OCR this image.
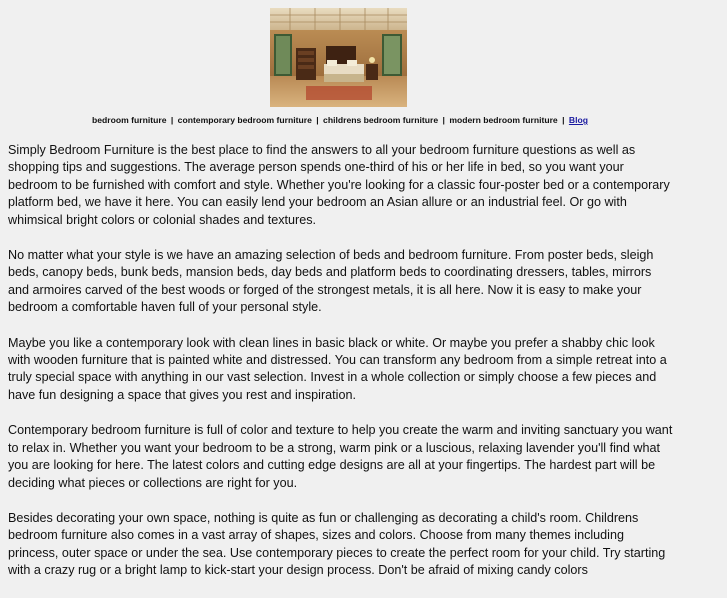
bedroom furniture | contemporary bedroom furniture | childrens bedroom furniture | modern bedroom furniture | Blog

Simply Bedroom Furniture is the best place to find the answers to all your bedroom furniture questions as well as shopping tips and suggestions. The average person spends one-third of his or her life in bed, so you want your bedroom to be furnished with comfort and style. Whether you're looking for a classic four-poster bed or a contemporary platform bed, we have it here. You can easily lend your bedroom an Asian allure or an industrial feel. Or go with whimsical bright colors or colonial shades and textures.

No matter what your style is we have an amazing selection of beds and bedroom furniture. From poster beds, sleigh beds, canopy beds, bunk beds, mansion beds, day beds and platform beds to coordinating dressers, tables, mirrors and armoires carved of the best woods or forged of the strongest metals, it is all here. Now it is easy to make your bedroom a comfortable haven full of your personal style.

Maybe you like a contemporary look with clean lines in basic black or white. Or maybe you prefer a shabby chic look with wooden furniture that is painted white and distressed. You can transform any bedroom from a simple retreat into a truly special space with anything in our vast selection. Invest in a whole collection or simply choose a few pieces and have fun designing a space that gives you rest and inspiration.

Contemporary bedroom furniture is full of color and texture to help you create the warm and inviting sanctuary you want to relax in. Whether you want your bedroom to be a strong, warm pink or a luscious, relaxing lavender you'll find what you are looking for here. The latest colors and cutting edge designs are all at your fingertips. The hardest part will be deciding what pieces or collections are right for you.

Besides decorating your own space, nothing is quite as fun or challenging as decorating a child's room. Childrens bedroom furniture also comes in a vast array of shapes, sizes and colors. Choose from many themes including princess, outer space or under the sea. Use contemporary pieces to create the perfect room for your child. Try starting with a crazy rug or a bright lamp to kick-start your design process. Don't be afraid of mixing candy colors
